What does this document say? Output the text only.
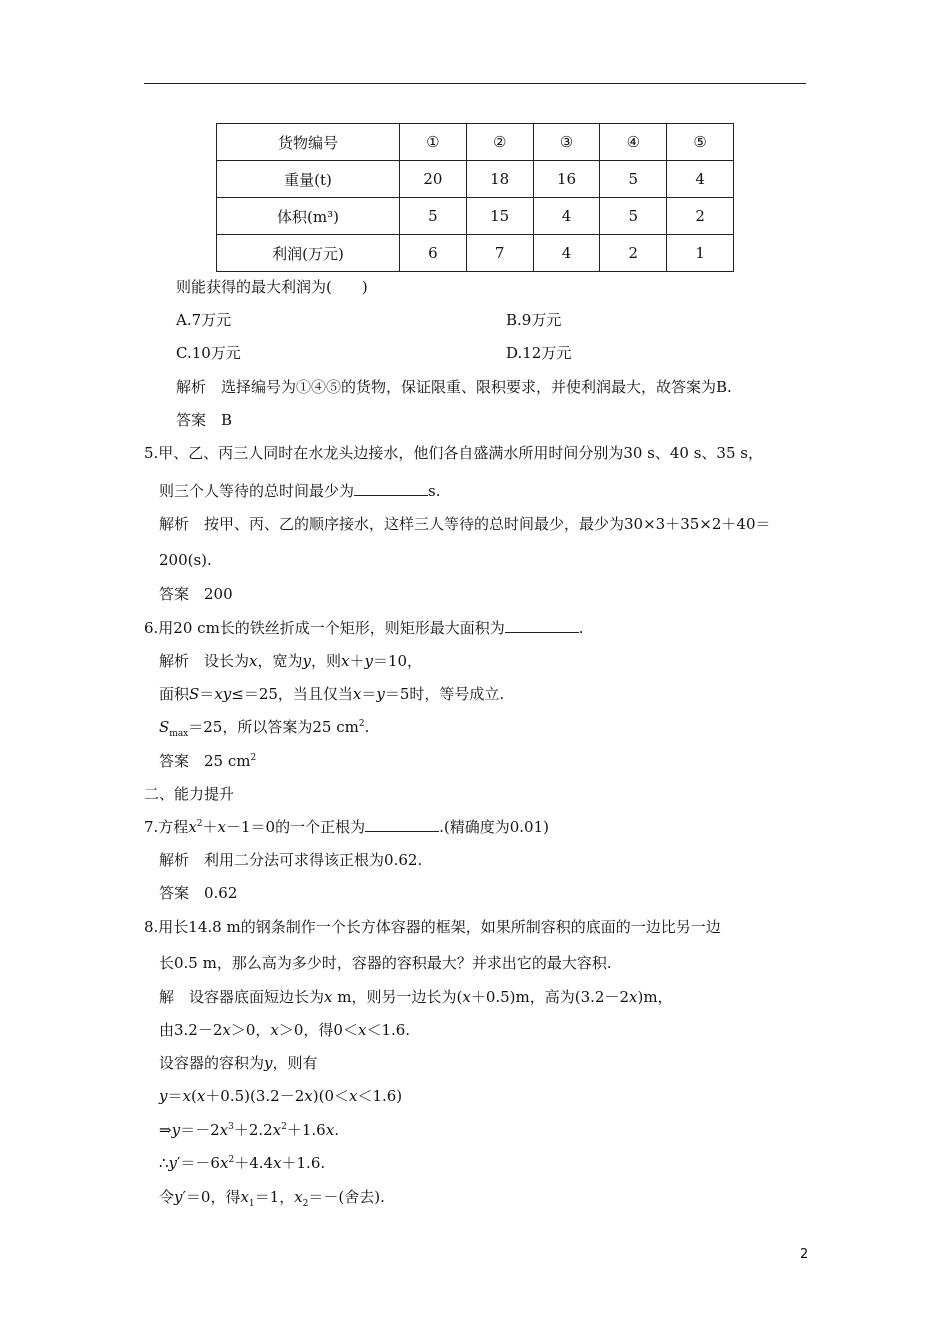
货物编号	①	②	③	④	⑤
重量(t)	20	18	16	5	4
体积(m³)	5	15	4	5	2
利润(万元)	6	7	4	2	1
则能获得的最大利润为(　　)
A.7万元	B.9万元
C.10万元	D.12万元
解析　选择编号为①④⑤的货物，保证限重、限积要求，并使利润最大，故答案为B.
答案　B
5.甲、乙、丙三人同时在水龙头边接水，他们各自盛满水所用时间分别为30 s、40 s、35 s，
则三个人等待的总时间最少为	s.
解析　按甲、丙、乙的顺序接水，这样三人等待的总时间最少，最少为30×3＋35×2＋40＝
200(s).
答案　200
6.用20 cm长的铁丝折成一个矩形，则矩形最大面积为	.
解析　设长为x，宽为y，则x＋y＝10，
面积S＝xy≤＝25，当且仅当x＝y＝5时，等号成立.
$S_{max}=25$，所以答案为25 $cm^2$.
答案　25 $cm^2$
二、能力提升
7.方程$x^2+x-1=0$的一个正根为	.(精确度为0.01)
解析　利用二分法可求得该正根为0.62.
答案　0.62
8.用长14.8 m的钢条制作一个长方体容器的框架，如果所制容积的底面的一边比另一边
长0.5 m，那么高为多少时，容器的容积最大？并求出它的最大容积.
解　设容器底面短边长为x m，则另一边长为(x＋0.5)m，高为(3.2－2x)m，
由3.2－2x＞0，x＞0，得0＜x＜1.6.
设容器的容积为y，则有
y＝x(x＋0.5)(3.2－2x)(0＜x＜1.6)
$\Rightarrow y=-2x^3+2.2x^2+1.6x$.
$\therefore y'=-6x^2+4.4x+1.6$.
令y′＝0，得$x_1=1$，$x_2=-$(舍去).
2
